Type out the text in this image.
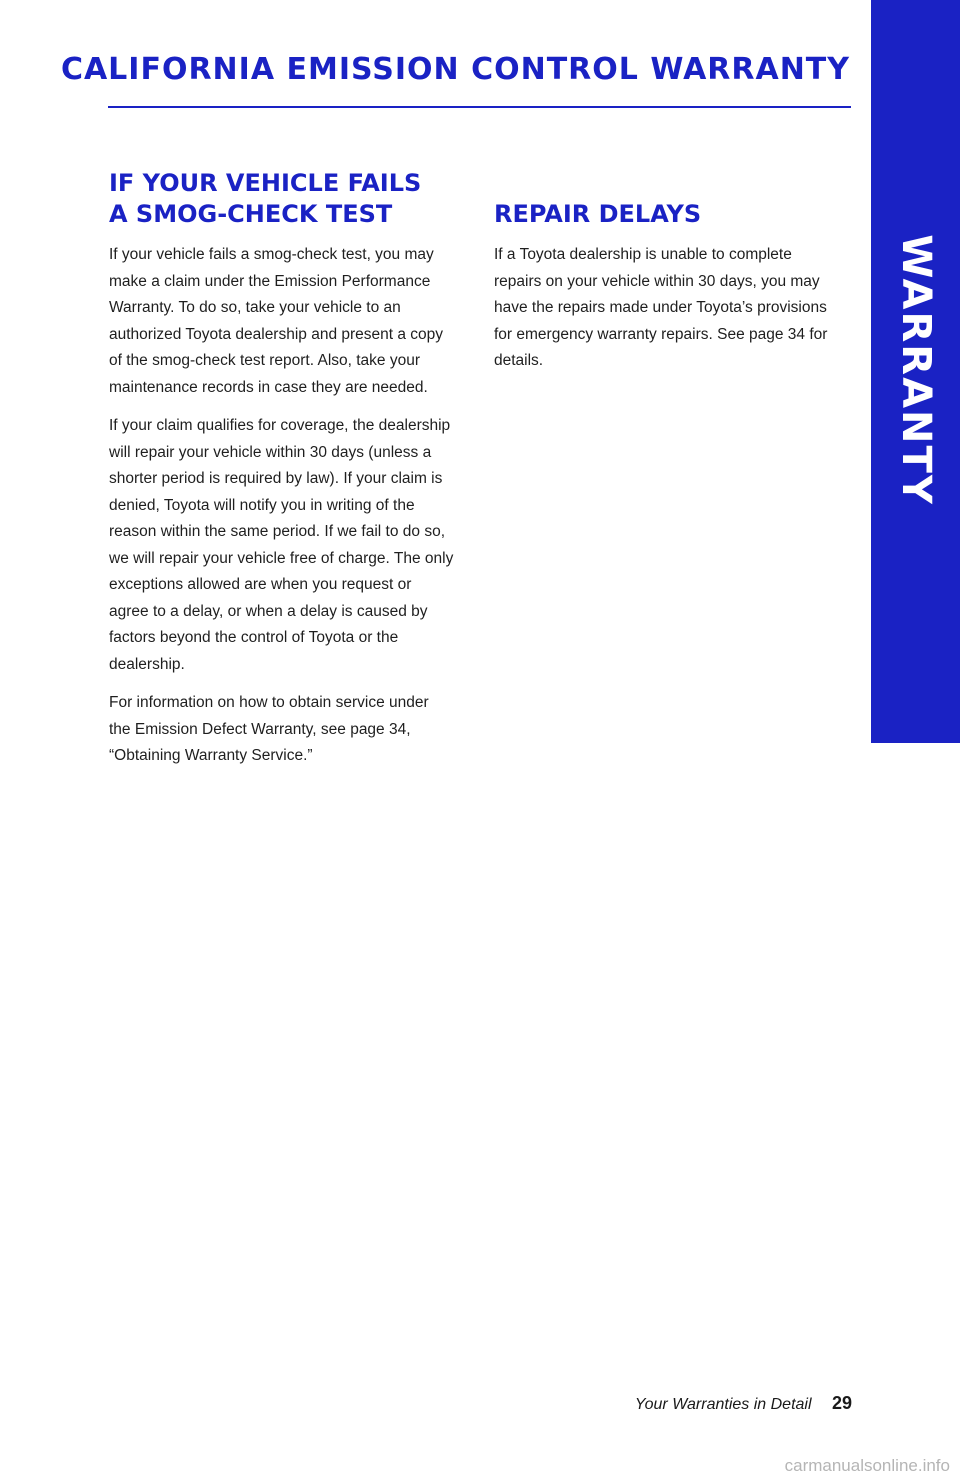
WARRANTY
CALIFORNIA EMISSION CONTROL WARRANTY
IF YOUR VEHICLE FAILS
A SMOG-CHECK TEST

If your vehicle fails a smog-check test, you may make a claim under the Emission Performance Warranty. To do so, take your vehicle to an authorized Toyota dealership and present a copy of the smog-check test report. Also, take your maintenance records in case they are needed.

If your claim qualifies for coverage, the dealership will repair your vehicle within 30 days (unless a shorter period is required by law). If your claim is denied, Toyota will notify you in writing of the reason within the same period. If we fail to do so, we will repair your vehicle free of charge. The only exceptions allowed are when you request or agree to a delay, or when a delay is caused by factors beyond the control of Toyota or the dealership.

For information on how to obtain service under the Emission Defect Warranty, see page 34, “Obtaining Warranty Service.”

REPAIR DELAYS

If a Toyota dealership is unable to complete repairs on your vehicle within 30 days, you may have the repairs made under Toyota’s provisions for emergency warranty repairs. See page 34 for details.

Your Warranties in Detail 29
carmanualsonline.info
